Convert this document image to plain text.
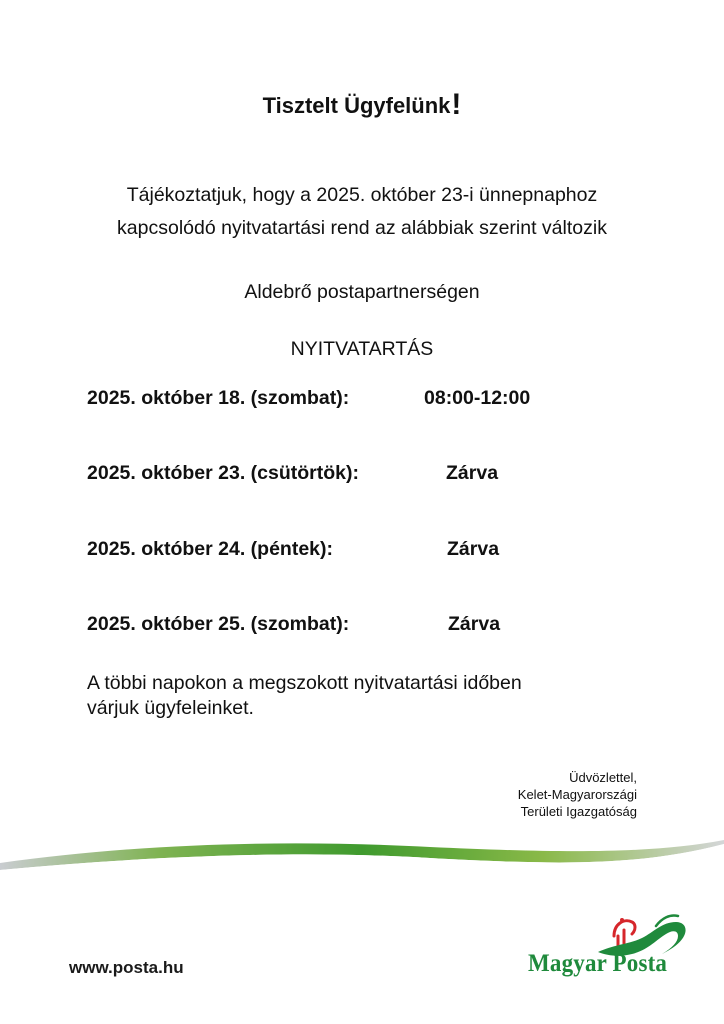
Tisztelt Ügyfelünk!
Tájékoztatjuk, hogy a 2025. október 23-i ünnepnaphoz
kapcsolódó nyitvatartási rend az alábbiak szerint változik
Aldebrő postapartnerségen
NYITVATARTÁS
2025. október 18. (szombat):	08:00-12:00
2025. október 23. (csütörtök):	Zárva
2025. október 24. (péntek):	Zárva
2025. október 25. (szombat):	Zárva
A többi napokon a megszokott nyitvatartási időben
várjuk ügyfeleinket.
Üdvözlettel,
Kelet-Magyarországi
Területi Igazgatóság
www.posta.hu	Magyar Posta
